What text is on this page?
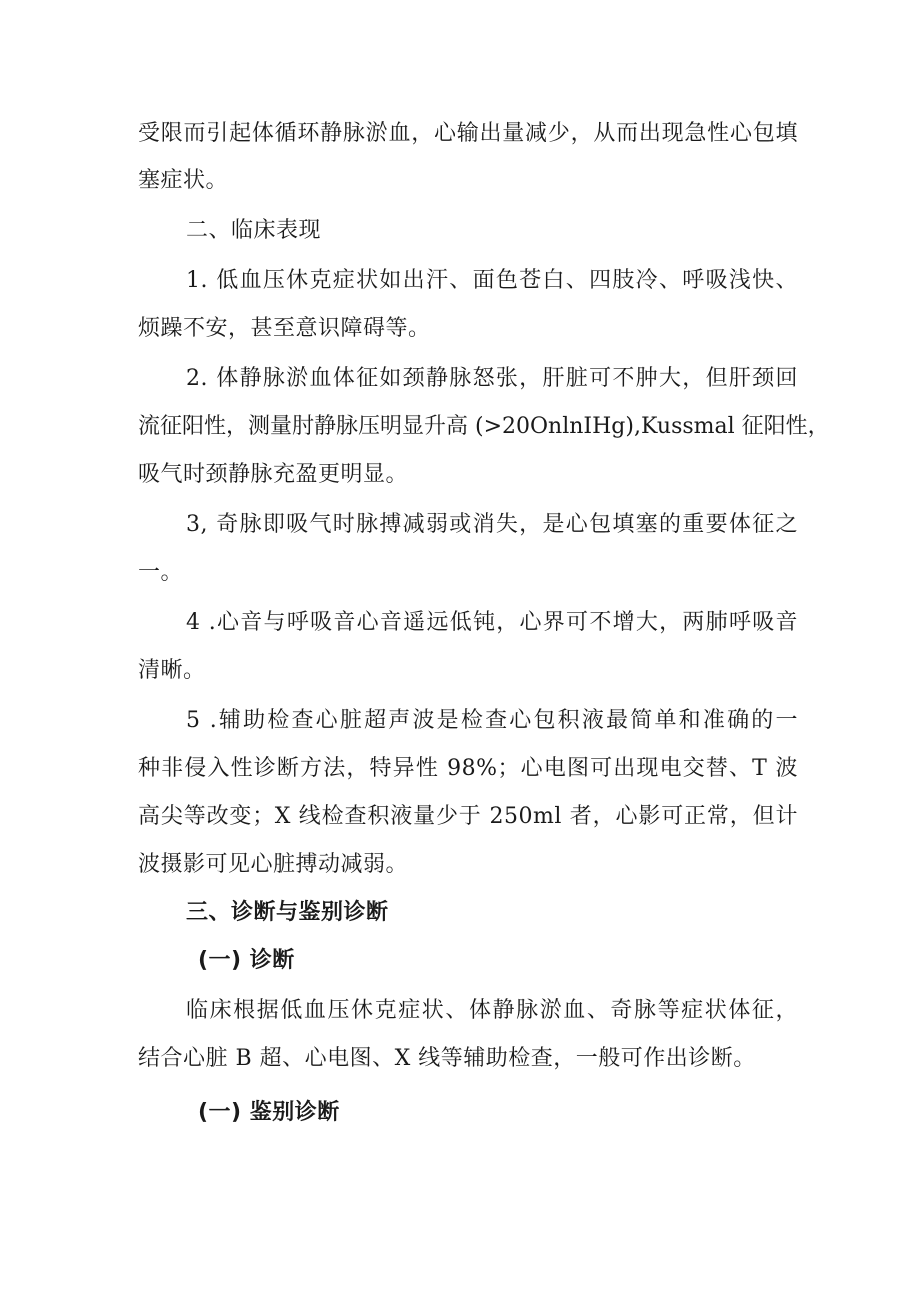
受限而引起体循环静脉淤血，心输出量减少，从而出现急性心包填
塞症状。
二、临床表现
1. 低血压休克症状如出汗、面色苍白、四肢冷、呼吸浅快、
烦躁不安，甚至意识障碍等。
2. 体静脉淤血体征如颈静脉怒张，肝脏可不肿大，但肝颈回
流征阳性，测量肘静脉压明显升高 (>20OnlnIHg),Kussmal 征阳性，
吸气时颈静脉充盈更明显。
3, 奇脉即吸气时脉搏减弱或消失，是心包填塞的重要体征之
一。
4 .心音与呼吸音心音遥远低钝，心界可不增大，两肺呼吸音
清晰。
5 .辅助检查心脏超声波是检查心包积液最简单和准确的一
种非侵入性诊断方法，特异性 98%；心电图可出现电交替、T 波
高尖等改变；X 线检查积液量少于 250ml 者，心影可正常，但计
波摄影可见心脏搏动减弱。
三、诊断与鉴别诊断
(一) 诊断
临床根据低血压休克症状、体静脉淤血、奇脉等症状体征，
结合心脏 B 超、心电图、X 线等辅助检查，一般可作出诊断。
(一) 鉴别诊断
